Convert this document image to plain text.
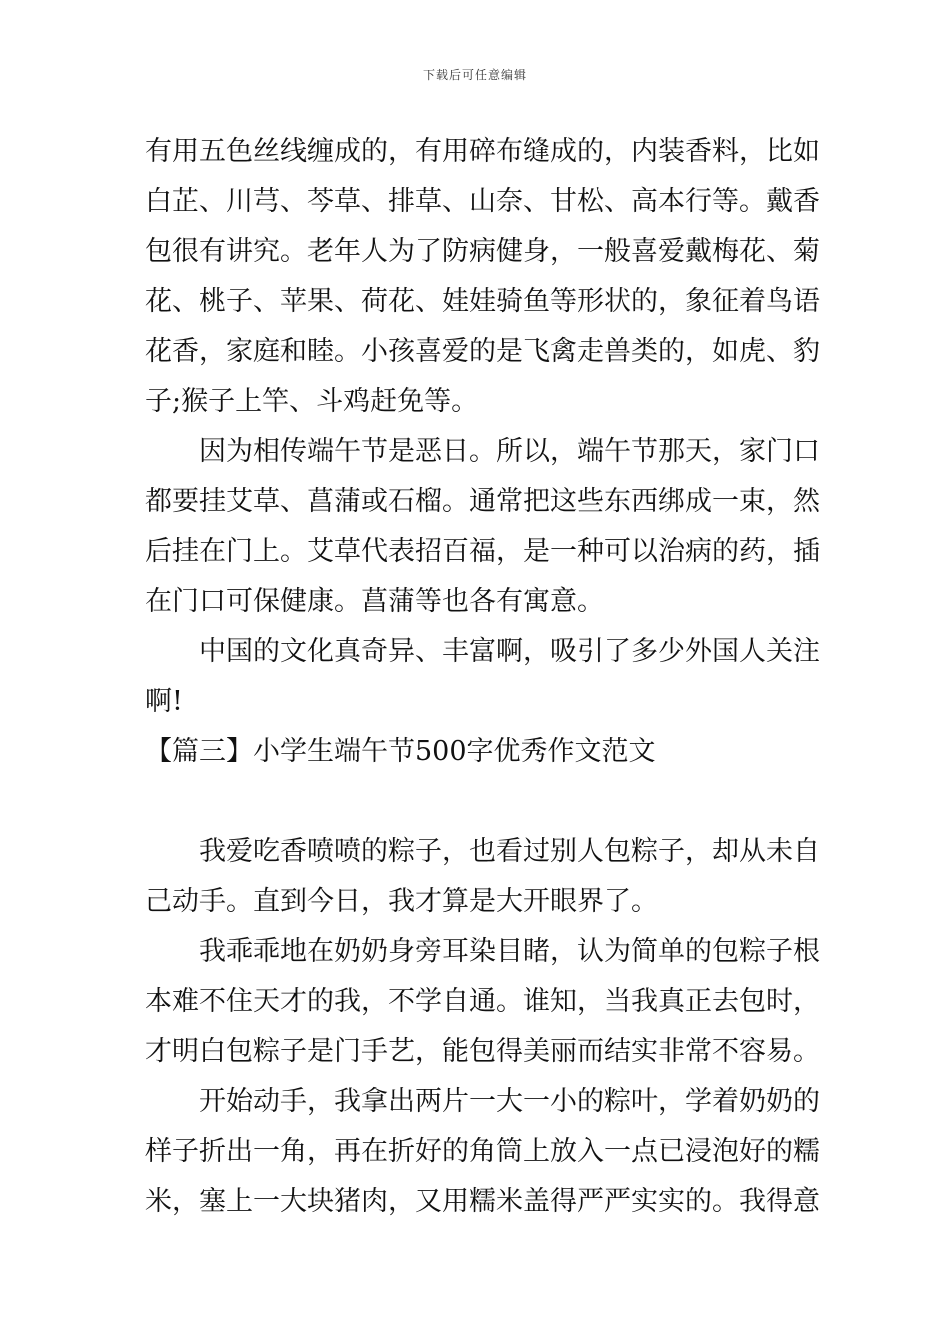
下载后可任意编辑
有用五色丝线缠成的，有用碎布缝成的，内装香料，比如
白芷、川芎、芩草、排草、山奈、甘松、高本行等。戴香
包很有讲究。老年人为了防病健身，一般喜爱戴梅花、菊
花、桃子、苹果、荷花、娃娃骑鱼等形状的，象征着鸟语
花香，家庭和睦。小孩喜爱的是飞禽走兽类的，如虎、豹
子;猴子上竿、斗鸡赶免等。
因为相传端午节是恶日。所以，端午节那天，家门口
都要挂艾草、菖蒲或石榴。通常把这些东西绑成一束，然
后挂在门上。艾草代表招百福，是一种可以治病的药，插
在门口可保健康。菖蒲等也各有寓意。
中国的文化真奇异、丰富啊，吸引了多少外国人关注
啊!
【篇三】小学生端午节500字优秀作文范文
我爱吃香喷喷的粽子，也看过别人包粽子，却从未自
己动手。直到今日，我才算是大开眼界了。
我乖乖地在奶奶身旁耳染目睹，认为简单的包粽子根
本难不住天才的我，不学自通。谁知，当我真正去包时，
才明白包粽子是门手艺，能包得美丽而结实非常不容易。
开始动手，我拿出两片一大一小的粽叶，学着奶奶的
样子折出一角，再在折好的角筒上放入一点已浸泡好的糯
米，塞上一大块猪肉，又用糯米盖得严严实实的。我得意
